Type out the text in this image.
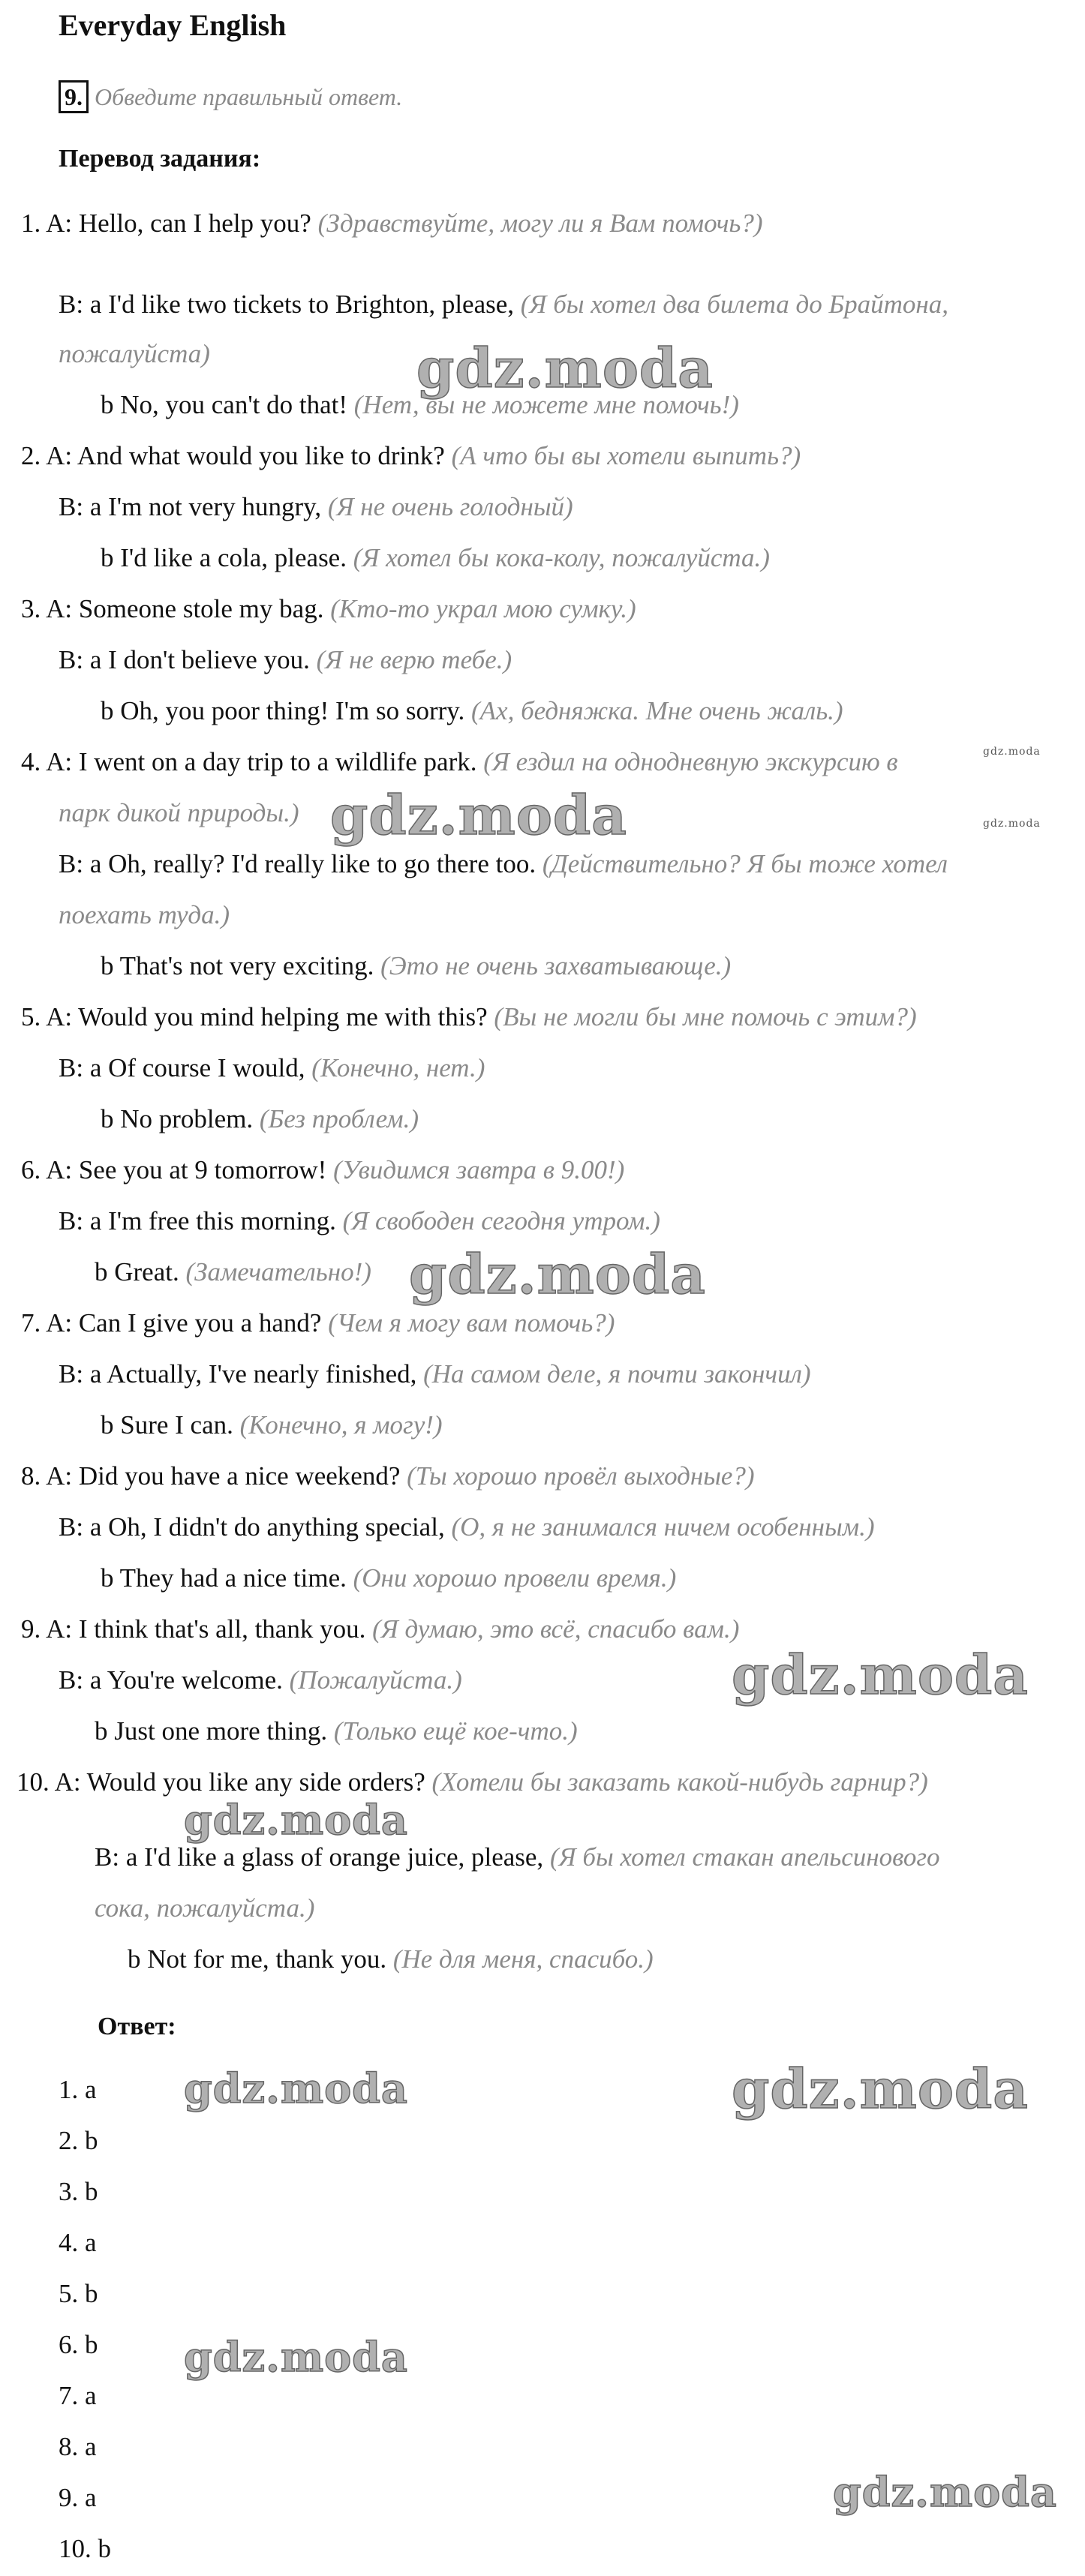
Everyday English
9. Обведите правильный ответ.
Перевод задания:
1. A: Hello, can I help you? (Здравствуйте, могу ли я Вам помочь?)
B: a I'd like two tickets to Brighton, please, (Я бы хотел два билета до Брайтона,
пожалуйста)
b No, you can't do that! (Нет, вы не можете мне помочь!)
2. A: And what would you like to drink? (А что бы вы хотели выпить?)
B: a I'm not very hungry, (Я не очень голодный)
b I'd like a cola, please. (Я хотел бы кока-колу, пожалуйста.)
3. A: Someone stole my bag. (Кто-то украл мою сумку.)
B: a I don't believe you. (Я не верю тебе.)
b Oh, you poor thing! I'm so sorry. (Ах, бедняжка. Мне очень жаль.)
4. A: I went on a day trip to a wildlife park. (Я ездил на однодневную экскурсию в
парк дикой природы.)
B: a Oh, really? I'd really like to go there too. (Действительно? Я бы тоже хотел
поехать туда.)
b That's not very exciting. (Это не очень захватывающе.)
5. A: Would you mind helping me with this? (Вы не могли бы мне помочь с этим?)
B: a Of course I would, (Конечно, нет.)
b No problem. (Без проблем.)
6. A: See you at 9 tomorrow! (Увидимся завтра в 9.00!)
B: a I'm free this morning. (Я свободен сегодня утром.)
b Great. (Замечательно!)
7. A: Can I give you a hand? (Чем я могу вам помочь?)
B: a Actually, I've nearly finished, (На самом деле, я почти закончил)
b Sure I can. (Конечно, я могу!)
8. A: Did you have a nice weekend? (Ты хорошо провёл выходные?)
B: a Oh, I didn't do anything special, (О, я не занимался ничем особенным.)
b They had a nice time. (Они хорошо провели время.)
9. A: I think that's all, thank you. (Я думаю, это всё, спасибо вам.)
B: a You're welcome. (Пожалуйста.)
b Just one more thing. (Только ещё кое-что.)
10. A: Would you like any side orders? (Хотели бы заказать какой-нибудь гарнир?)
B: a I'd like a glass of orange juice, please, (Я бы хотел стакан апельсинового
сока, пожалуйста.)
b Not for me, thank you. (Не для меня, спасибо.)
Ответ:
1. a
2. b
3. b
4. a
5. b
6. b
7. a
8. a
9. a
10. b
gdz.moda
gdz.moda
gdz.moda
gdz.moda
gdz.moda
gdz.moda
gdz.moda
gdz.moda	gdz.moda
gdz.moda
gdz.moda
